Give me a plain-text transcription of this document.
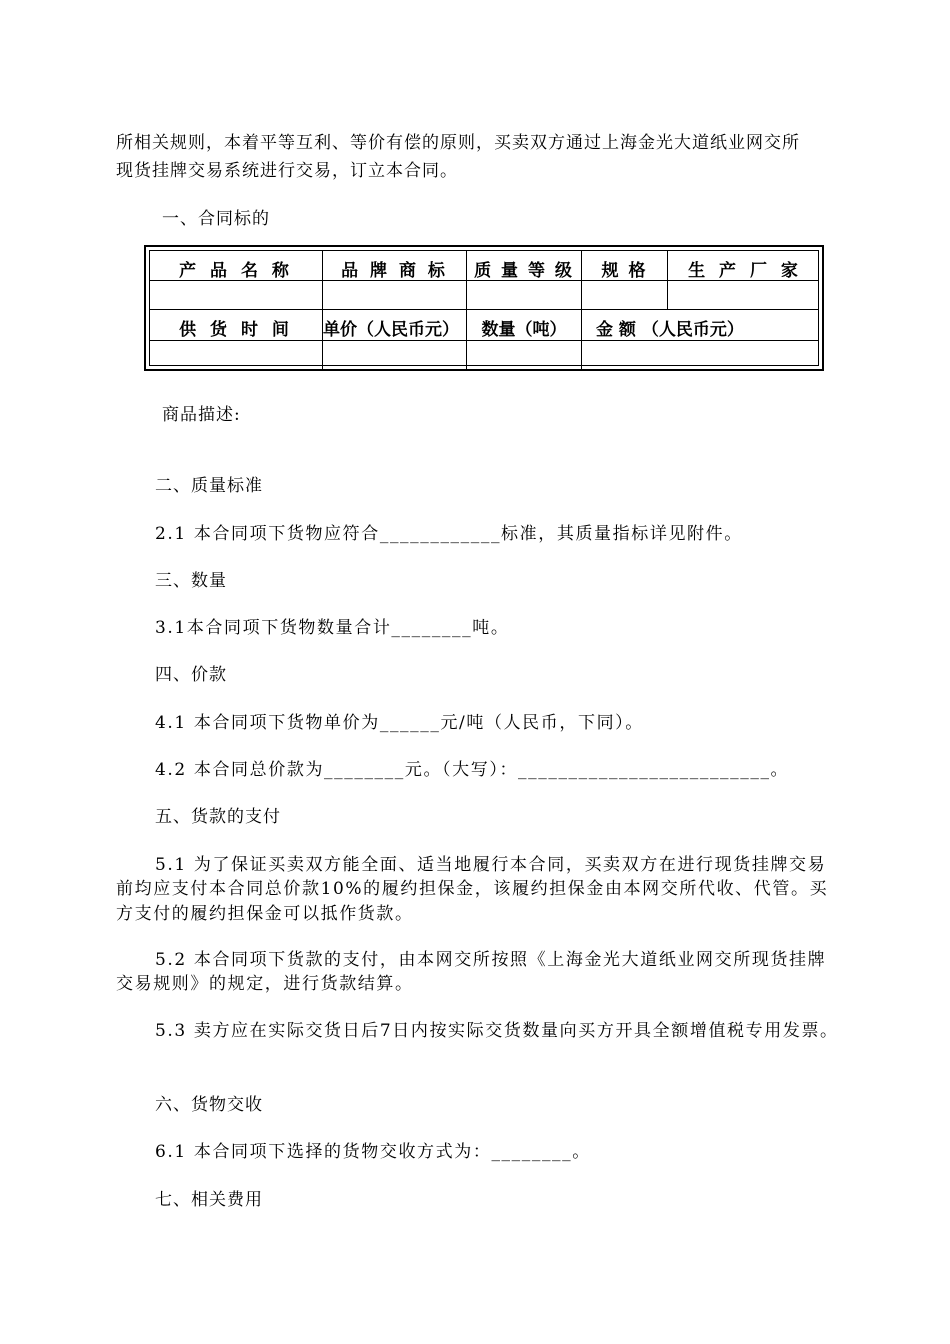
所相关规则，本着平等互利、等价有偿的原则，买卖双方通过上海金光大道纸业网交所
现货挂牌交易系统进行交易，订立本合同。
一、合同标的
产 品 名 称	品 牌 商 标	质 量 等 级	规 格	生 产 厂 家
供 货 时 间	单价（人民币元）	数量（吨）	金 额 （人民币元）
商品描述:
二、质量标准
2.1 本合同项下货物应符合____________标准，其质量指标详见附件。
三、数量
3.1本合同项下货物数量合计________吨。
四、价款
4.1 本合同项下货物单价为______元/吨（人民币，下同）。
4.2 本合同总价款为________元。（大写）：_________________________。
五、货款的支付
5.1 为了保证买卖双方能全面、适当地履行本合同，买卖双方在进行现货挂牌交易
前均应支付本合同总价款10%的履约担保金，该履约担保金由本网交所代收、代管。买
方支付的履约担保金可以抵作货款。
5.2 本合同项下货款的支付，由本网交所按照《上海金光大道纸业网交所现货挂牌
交易规则》的规定，进行货款结算。
5.3 卖方应在实际交货日后7日内按实际交货数量向买方开具全额增值税专用发票。
六、货物交收
6.1 本合同项下选择的货物交收方式为：________。
七、相关费用
